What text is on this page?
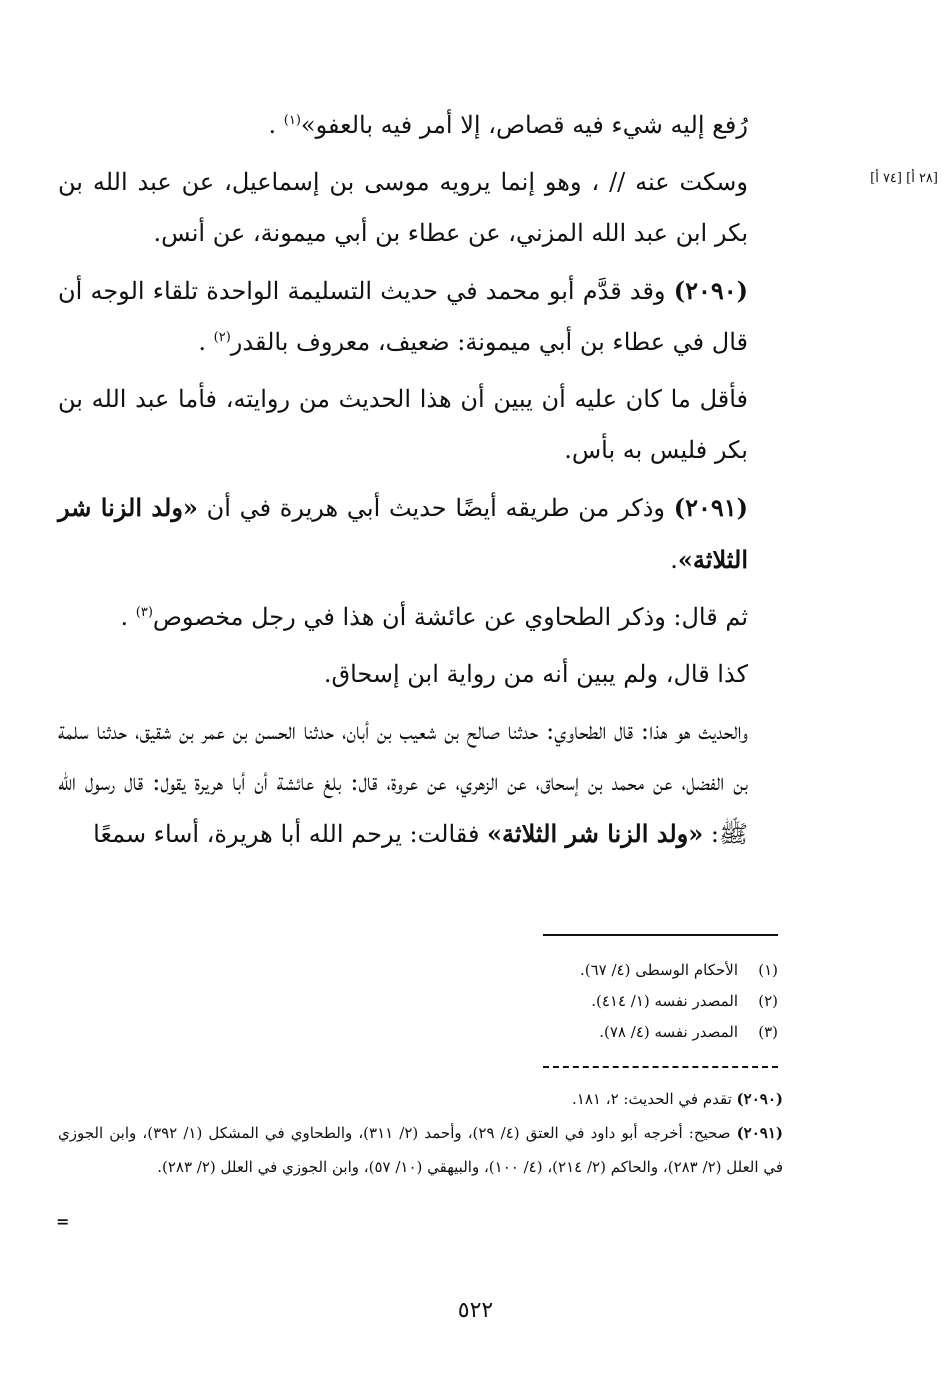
[٢٨ أ] [٧٤ أ]

رُفع إليه شيء فيه قصاص، إلا أمر فيه بالعفو»$^{(١)}$ .

وسكت عنه // ، وهو إنما يرويه موسى بن إسماعيل، عن عبد الله بن بكر ابن عبد الله المزني، عن عطاء بن أبي ميمونة، عن أنس.

(٢٠٩٠) وقد قدَّم أبو محمد في حديث التسليمة الواحدة تلقاء الوجه أن قال في عطاء بن أبي ميمونة: ضعيف، معروف بالقدر$^{(٢)}$ .

فأقل ما كان عليه أن يبين أن هذا الحديث من روايته، فأما عبد الله بن بكر فليس به بأس.

(٢٠٩١) وذكر من طريقه أيضًا حديث أبي هريرة في أن «ولد الزنا شر الثلاثة».

ثم قال: وذكر الطحاوي عن عائشة أن هذا في رجل مخصوص$^{(٣)}$ .

كذا قال، ولم يبين أنه من رواية ابن إسحاق.

والحديث هو هذا: قال الطحاوي: حدثنا صالح بن شعيب بن أبان، حدثنا الحسن بن عمر بن شقيق، حدثنا سلمة بن الفضل، عن محمد بن إسحاق، عن الزهري، عن عروة، قال: بلغ عائشة أن أبا هريرة يقول: قال رسول الله ﷺ: «ولد الزنا شر الثلاثة» فقالت: يرحم الله أبا هريرة، أساء سمعًا

(١)الأحكام الوسطى (٤/ ٦٧).
(٢)المصدر نفسه (١/ ٤١٤).
(٣)المصدر نفسه (٤/ ٧٨).

(٢٠٩٠) تقدم في الحديث: ٢، ١٨١.

(٢٠٩١) صحيح: أخرجه أبو داود في العتق (٤/ ٢٩)، وأحمد (٢/ ٣١١)، والطحاوي في المشكل (١/ ٣٩٢)، وابن الجوزي في العلل (٢/ ٢٨٣)، والحاكم (٢/ ٢١٤)، (٤/ ١٠٠)، والبيهقي (١٠/ ٥٧)، وابن الجوزي في العلل (٢/ ٢٨٣).

=
٥٢٢
